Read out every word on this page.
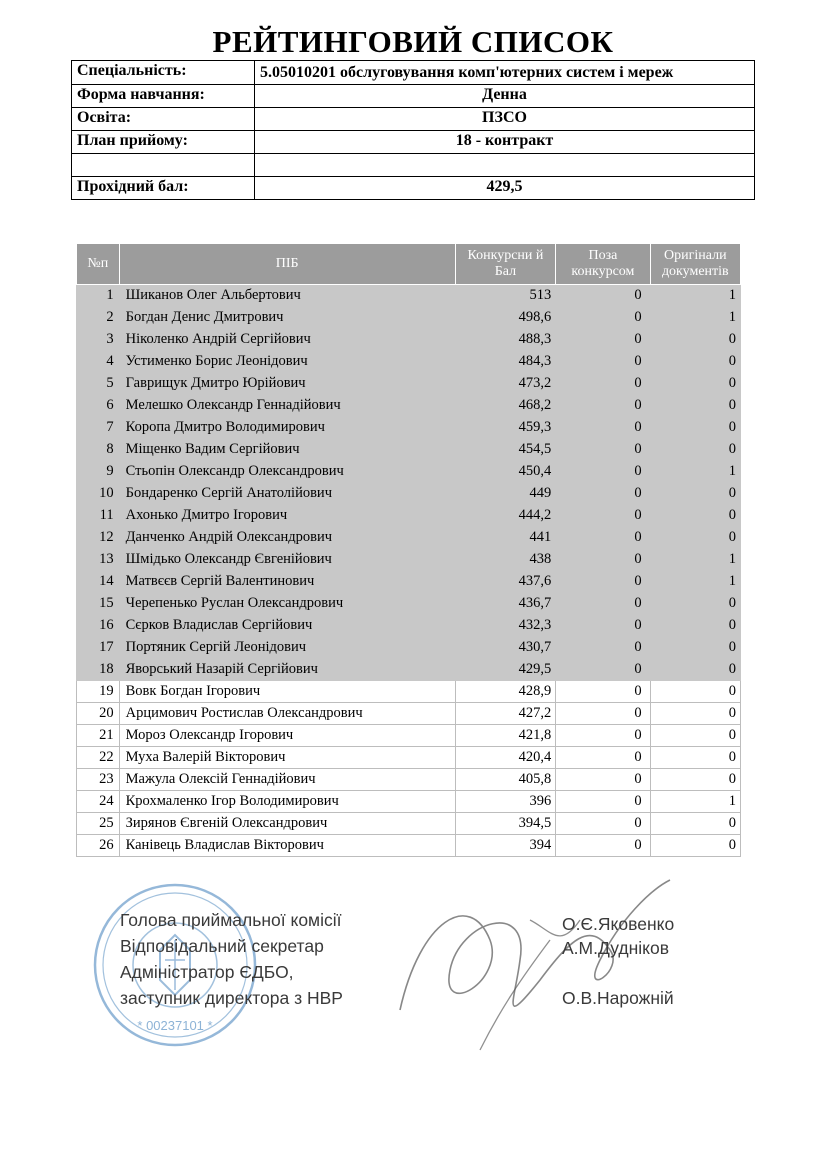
РЕЙТИНГОВИЙ СПИСОК
Спеціальність:	5.05010201 обслуговування комп'ютерних систем і мереж
Форма навчання:	Денна
Освіта:	ПЗСО
План прийому:	18 - контракт

Прохідний бал:	429,5
№п	ПІБ	Конкурсни й Бал	Поза конкурсом	Оригінали документів
1	Шиканов Олег Альбертович	513	0	1
2	Богдан Денис Дмитрович	498,6	0	1
3	Ніколенко Андрій Сергійович	488,3	0	0
4	Устименко Борис Леонідович	484,3	0	0
5	Гаврищук Дмитро Юрійович	473,2	0	0
6	Мелешко Олександр Геннадійович	468,2	0	0
7	Коропа Дмитро Володимирович	459,3	0	0
8	Міщенко Вадим Сергійович	454,5	0	0
9	Стьопін Олександр Олександрович	450,4	0	1
10	Бондаренко Сергій Анатолійович	449	0	0
11	Ахонько Дмитро Ігорович	444,2	0	0
12	Данченко Андрій Олександрович	441	0	0
13	Шмідько Олександр Євгенійович	438	0	1
14	Матвєєв Сергій Валентинович	437,6	0	1
15	Черепенько Руслан Олександрович	436,7	0	0
16	Сєрков Владислав Сергійович	432,3	0	0
17	Портяник Сергій Леонідович	430,7	0	0
18	Яворський Назарій Сергійович	429,5	0	0
19	Вовк Богдан Ігорович	428,9	0	0
20	Арцимович Ростислав Олександрович	427,2	0	0
21	Мороз Олександр Ігорович	421,8	0	0
22	Муха Валерій Вікторович	420,4	0	0
23	Мажула Олексій Геннадійович	405,8	0	0
24	Крохмаленко Ігор Володимирович	396	0	1
25	Зирянов Євгеній Олександрович	394,5	0	0
26	Канівець Владислав Вікторович	394	0	0
* 00237101 *
Голова приймальної комісії
Відповідальний секретар
Адміністратор ЄДБО,
заступник директора з НВР
О.Є.Яковенко
А.М.Дудніков
О.В.Нарожній
